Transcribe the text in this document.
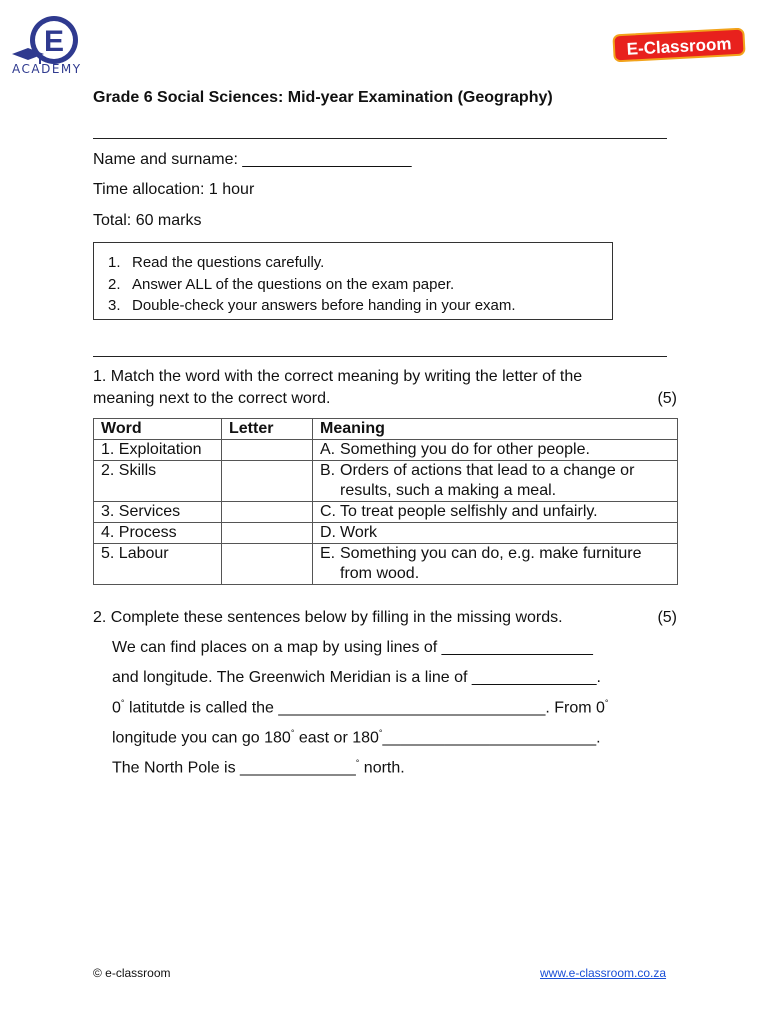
E
ACADEMY
E-Classroom
Grade 6 Social Sciences: Mid-year Examination (Geography)
Name and surname: ___________________
Time allocation: 1 hour
Total: 60 marks
1. Read the questions carefully.
2. Answer ALL of the questions on the exam paper.
3. Double-check your answers before handing in your exam.
1. Match the word with the correct meaning by writing the letter of the
meaning next to the correct word.	(5)
Word	Letter	Meaning
1. Exploitation		A. Something you do for other people.

2. Skills		B. Orders of actions that lead to a change or results, such a making a meal.

3. Services		C. To treat people selfishly and unfairly.

4. Process		D. Work

5. Labour		E. Something you can do, e.g. make furniture from wood.
2. Complete these sentences below by filling in the missing words.	(5)
We can find places on a map by using lines of _________________
and longitude. The Greenwich Meridian is a line of ______________.
0° latitutde is called the ______________________________. From 0°
longitude you can go 180° east or 180°________________________.
The North Pole is _____________° north.
© e-classroom	www.e-classroom.co.za
